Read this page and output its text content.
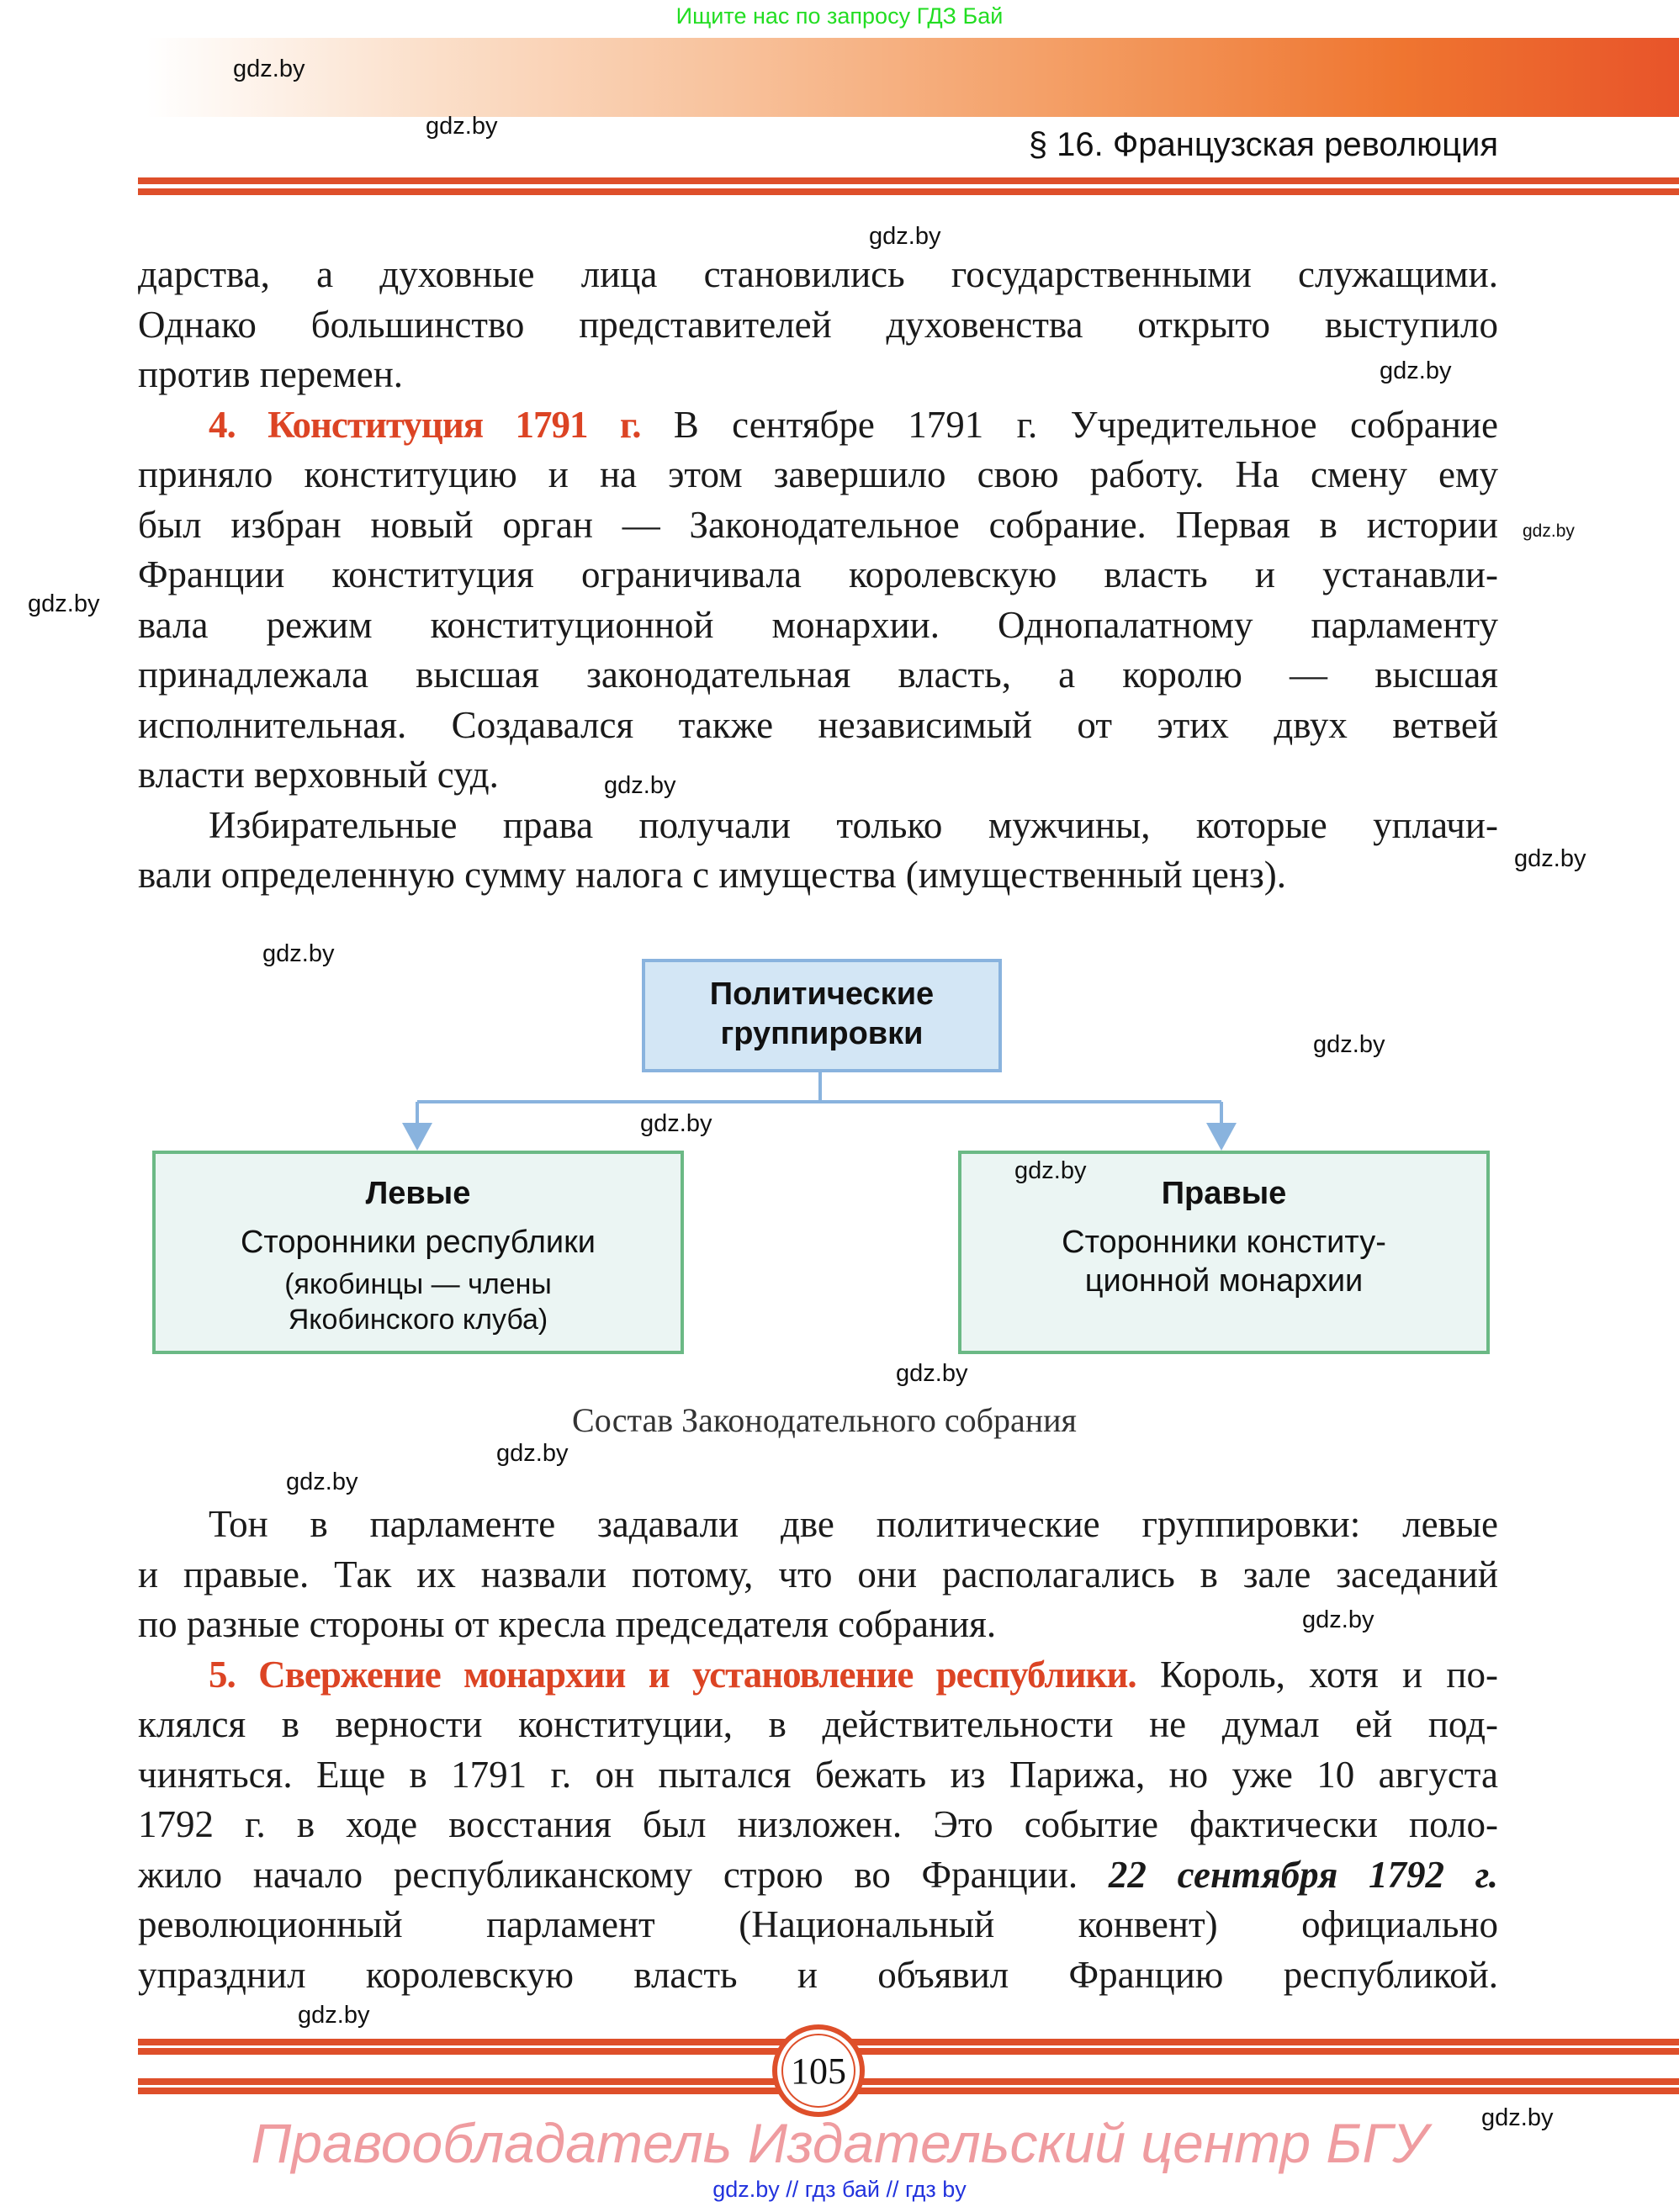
Ищите нас по запросу ГДЗ Бай
§ 16. Французская революция
дарства, а духовные лица становились государственными служащими.
Однако большинство представителей духовенства открыто выступило
против перемен.
4. Конституция 1791 г. В сентябре 1791 г. Учредительное собрание
приняло конституцию и на этом завершило свою работу. На смену ему
был избран новый орган — Законодательное собрание. Первая в истории
Франции конституция ограничивала королевскую власть и устанавли-
вала режим конституционной монархии. Однопалатному парламенту
принадлежала высшая законодательная власть, а королю — высшая
исполнительная. Создавался также независимый от этих двух ветвей
власти верховный суд.
Избирательные права получали только мужчины, которые уплачи-
вали определенную сумму налога с имущества (имущественный ценз).
Политические группировки
Левые
Сторонники республики
(якобинцы — члены Якобинского клуба)
Правые
Сторонники конститу-ционной монархии
Состав Законодательного собрания
Тон в парламенте задавали две политические группировки: левые
и правые. Так их назвали потому, что они располагались в зале заседаний
по разные стороны от кресла председателя собрания.
5. Свержение монархии и установление республики. Король, хотя и по-
клялся в верности конституции, в действительности не думал ей под-
чиняться. Еще в 1791 г. он пытался бежать из Парижа, но уже 10 августа
1792 г. в ходе восстания был низложен. Это событие фактически поло-
жило начало республиканскому строю во Франции. 22 сентября 1792 г.
революционный парламент (Национальный конвент) официально
упразднил королевскую власть и объявил Францию республикой.
105
Правообладатель Издательский центр БГУ
gdz.by // гдз бай // гдз by
gdz.by
gdz.by
gdz.by
gdz.by
gdz.by
gdz.by
gdz.by
gdz.by
gdz.by
gdz.by
gdz.by
gdz.by
gdz.by
gdz.by
gdz.by
gdz.by
gdz.by
gdz.by
